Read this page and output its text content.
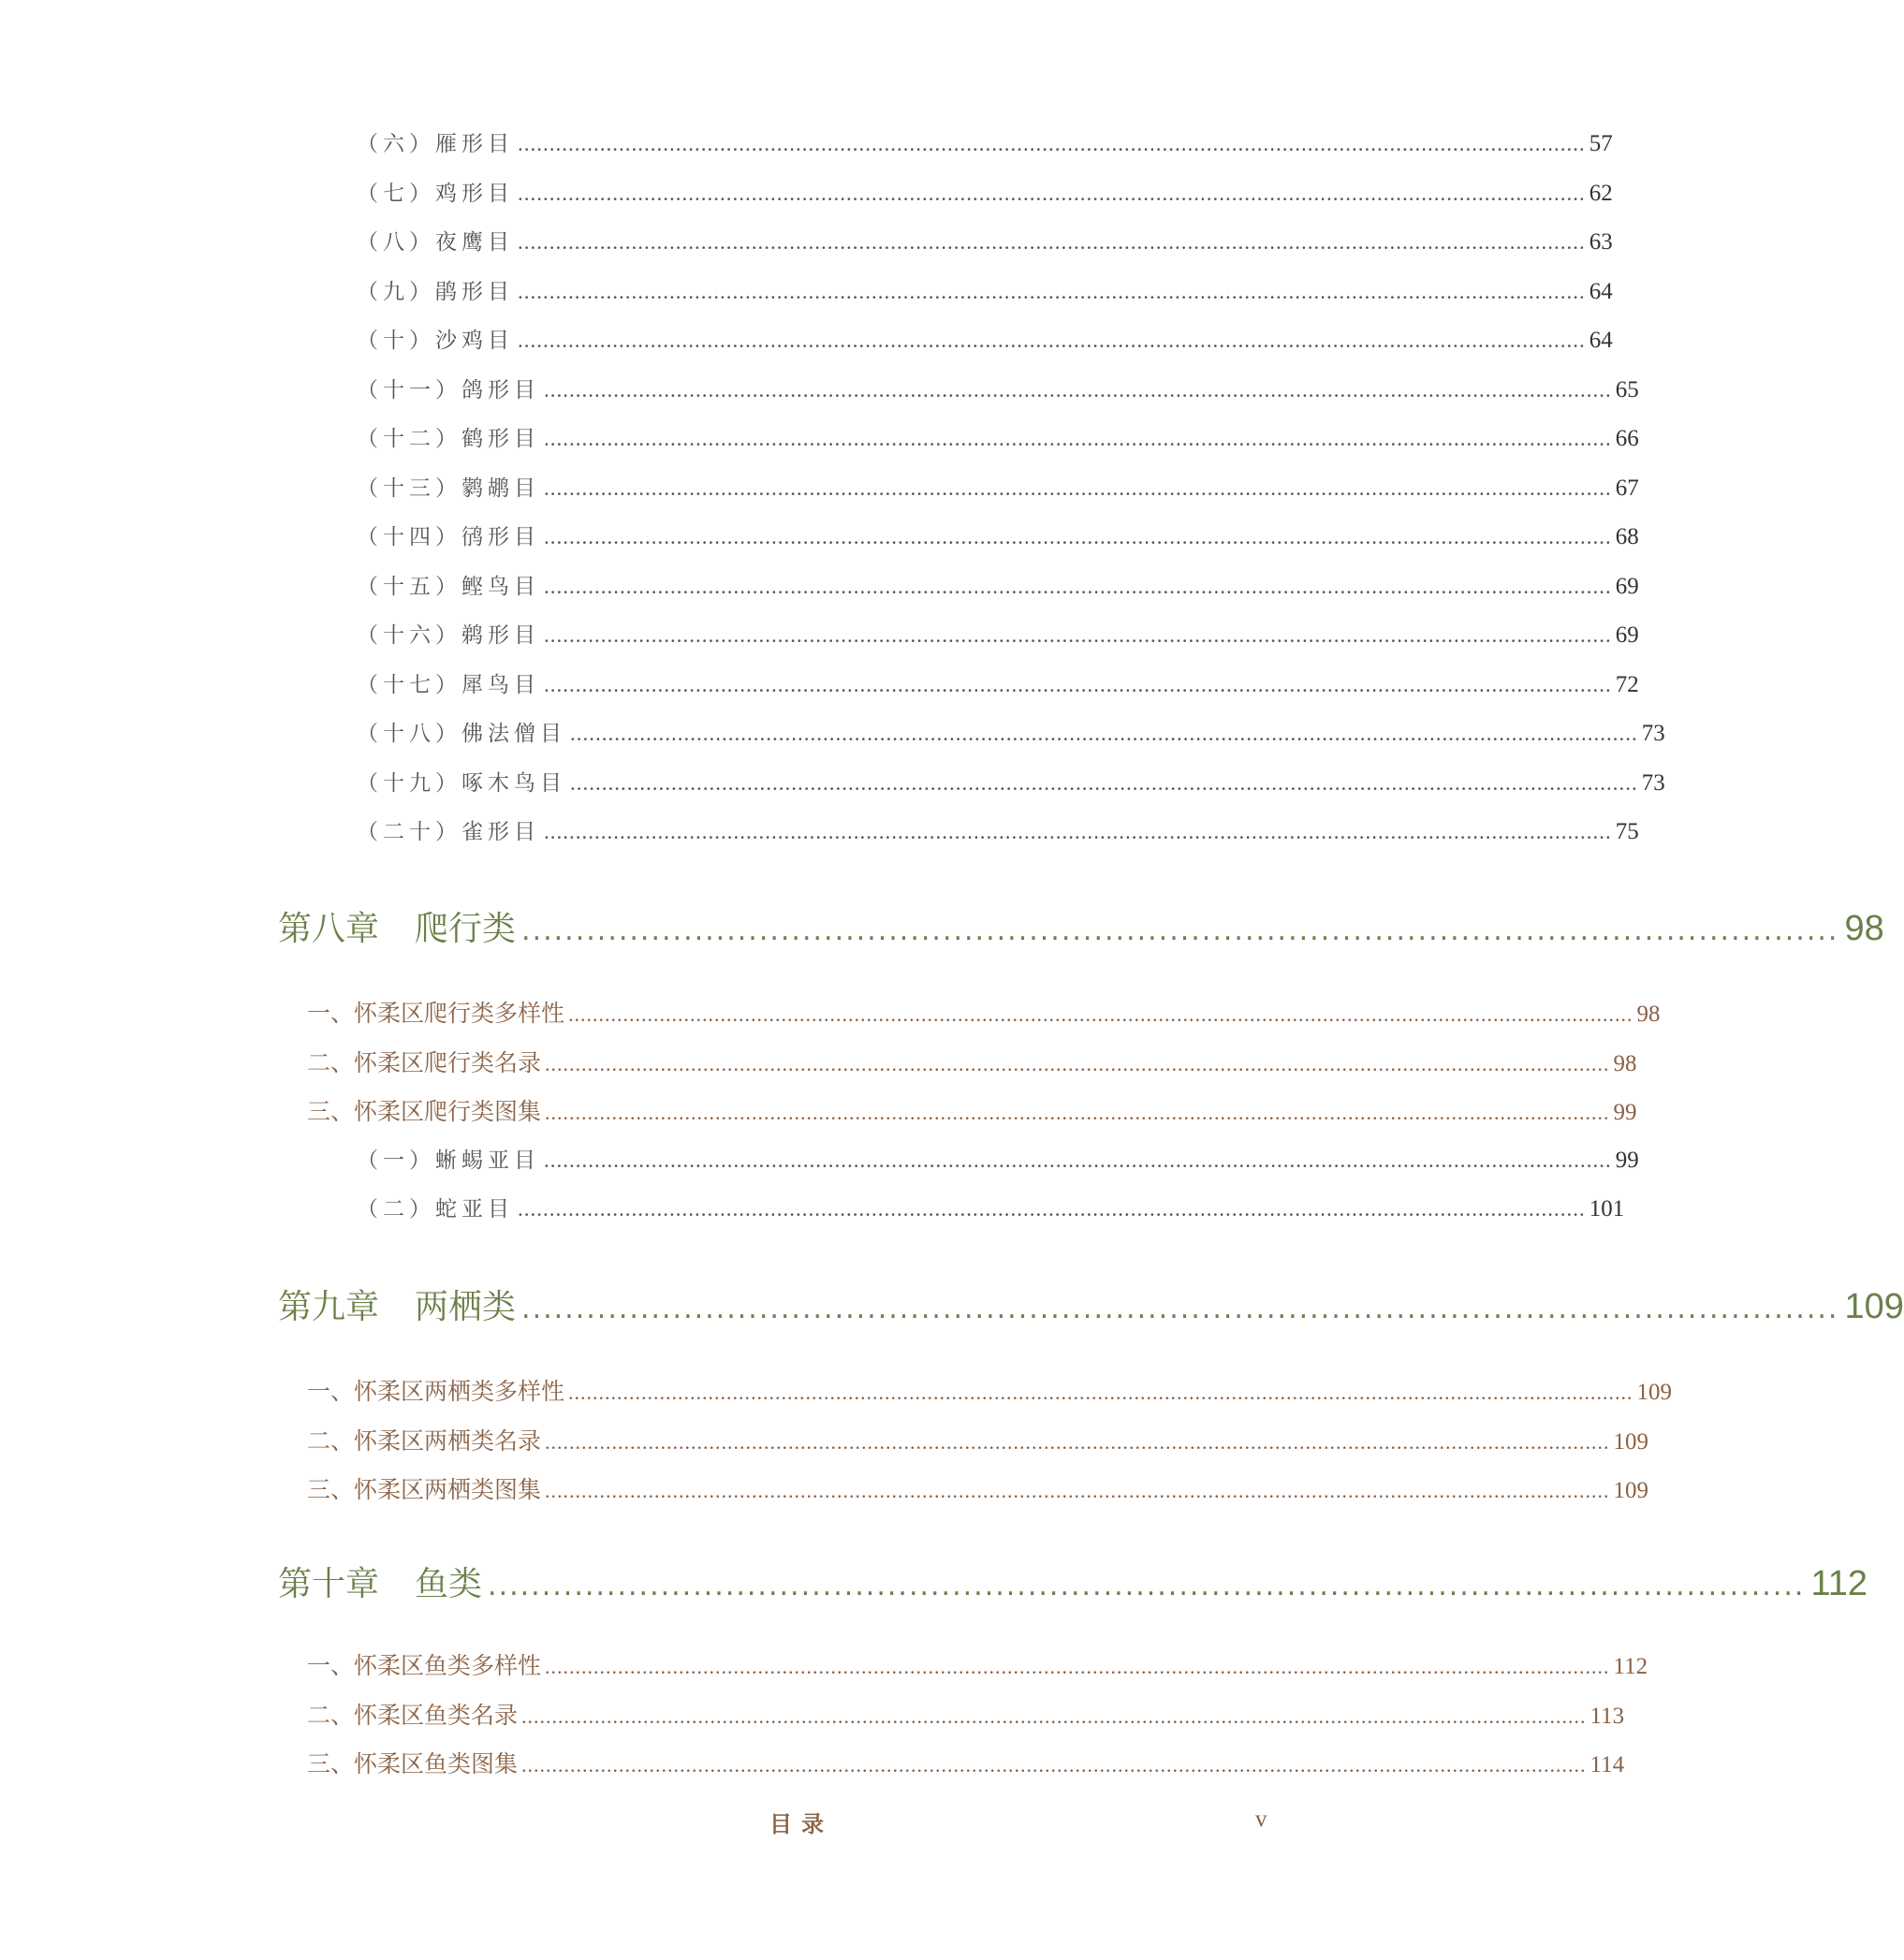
（六）雁形目 ......................................................................................................................................................................... 57
（七）鸡形目 ......................................................................................................................................................................... 62
（八）夜鹰目 ......................................................................................................................................................................... 63
（九）鹃形目 ......................................................................................................................................................................... 64
（十）沙鸡目 ......................................................................................................................................................................... 64
（十一）鸽形目 ......................................................................................................................................................................... 65
（十二）鹤形目 ......................................................................................................................................................................... 66
（十三）鹲鹕目 ......................................................................................................................................................................... 67
（十四）鸻形目 ......................................................................................................................................................................... 68
（十五）鲣鸟目 ......................................................................................................................................................................... 69
（十六）鹈形目 ......................................................................................................................................................................... 69
（十七）犀鸟目 ......................................................................................................................................................................... 72
（十八）佛法僧目 ......................................................................................................................................................................... 73
（十九）啄木鸟目 ......................................................................................................................................................................... 73
（二十）雀形目 ......................................................................................................................................................................... 75
第八章 爬行类 .......................................................................................................................... 98
一、怀柔区爬行类多样性 ............................................................................................................................................................................... 98
二、怀柔区爬行类名录 ............................................................................................................................................................................... 98
三、怀柔区爬行类图集 ............................................................................................................................................................................... 99
（一）蜥蜴亚目 ......................................................................................................................................................................... 99
（二）蛇亚目 ......................................................................................................................................................................... 101
第九章 两栖类 .......................................................................................................................... 109
一、怀柔区两栖类多样性 ............................................................................................................................................................................... 109
二、怀柔区两栖类名录 ............................................................................................................................................................................... 109
三、怀柔区两栖类图集 ............................................................................................................................................................................... 109
第十章 鱼类 .......................................................................................................................... 112
一、怀柔区鱼类多样性 ............................................................................................................................................................................... 112
二、怀柔区鱼类名录 ............................................................................................................................................................................... 113
三、怀柔区鱼类图集 ............................................................................................................................................................................... 114
目录	v
